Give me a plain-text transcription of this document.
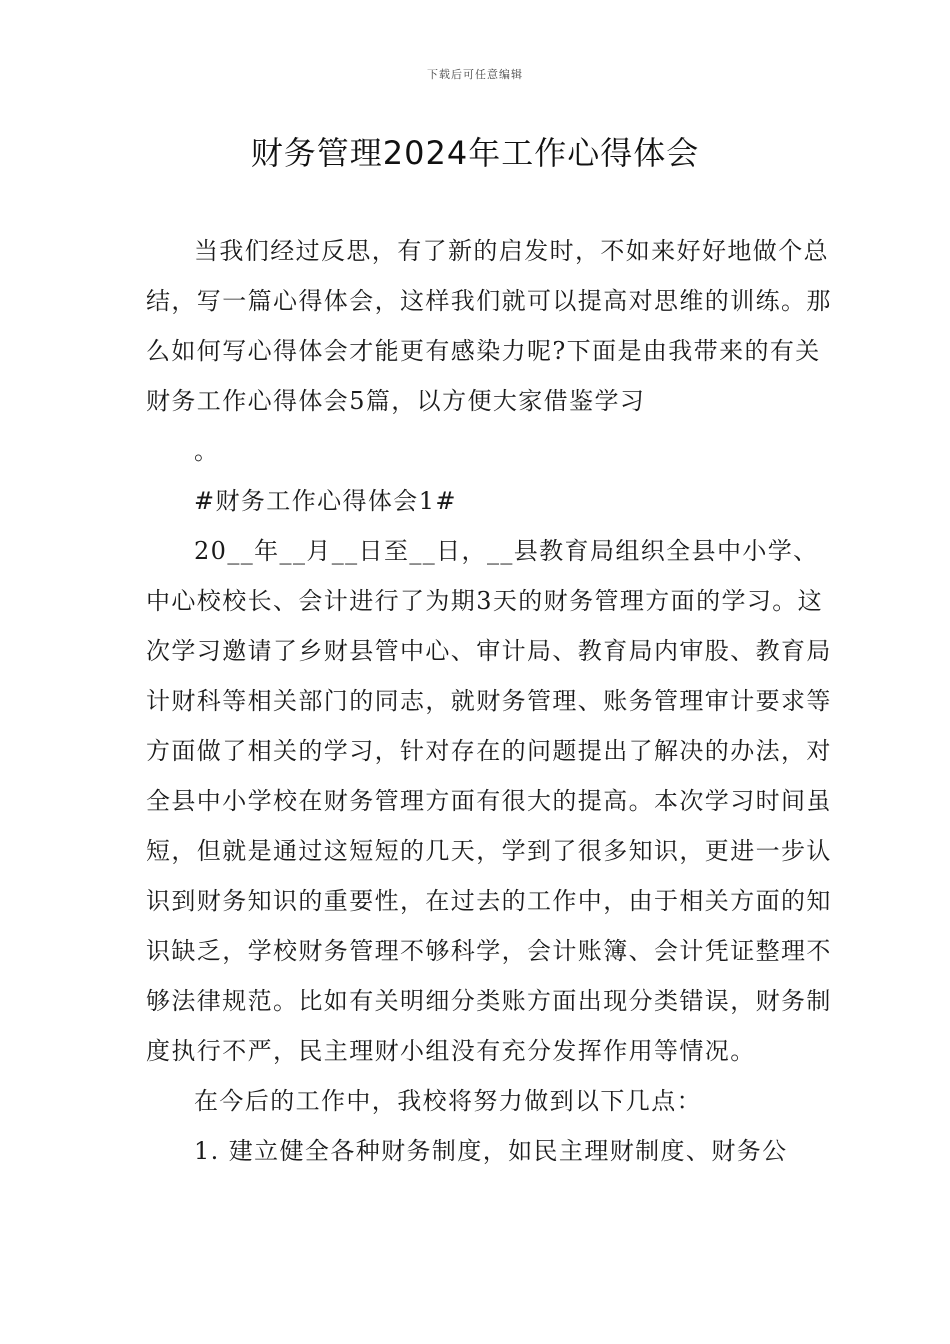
下载后可任意编辑
财务管理2024年工作心得体会

当我们经过反思，有了新的启发时，不如来好好地做个总结，写一篇心得体会，这样我们就可以提高对思维的训练。那么如何写心得体会才能更有感染力呢?下面是由我带来的有关财务工作心得体会5篇，以方便大家借鉴学习

。

#财务工作心得体会1#

20__年__月__日至__日，__县教育局组织全县中小学、中心校校长、会计进行了为期3天的财务管理方面的学习。这次学习邀请了乡财县管中心、审计局、教育局内审股、教育局计财科等相关部门的同志，就财务管理、账务管理审计要求等方面做了相关的学习，针对存在的问题提出了解决的办法，对全县中小学校在财务管理方面有很大的提高。本次学习时间虽短，但就是通过这短短的几天，学到了很多知识，更进一步认识到财务知识的重要性，在过去的工作中，由于相关方面的知识缺乏，学校财务管理不够科学，会计账簿、会计凭证整理不够法律规范。比如有关明细分类账方面出现分类错误，财务制度执行不严，民主理财小组没有充分发挥作用等情况。

在今后的工作中，我校将努力做到以下几点：

1. 建立健全各种财务制度，如民主理财制度、财务公
